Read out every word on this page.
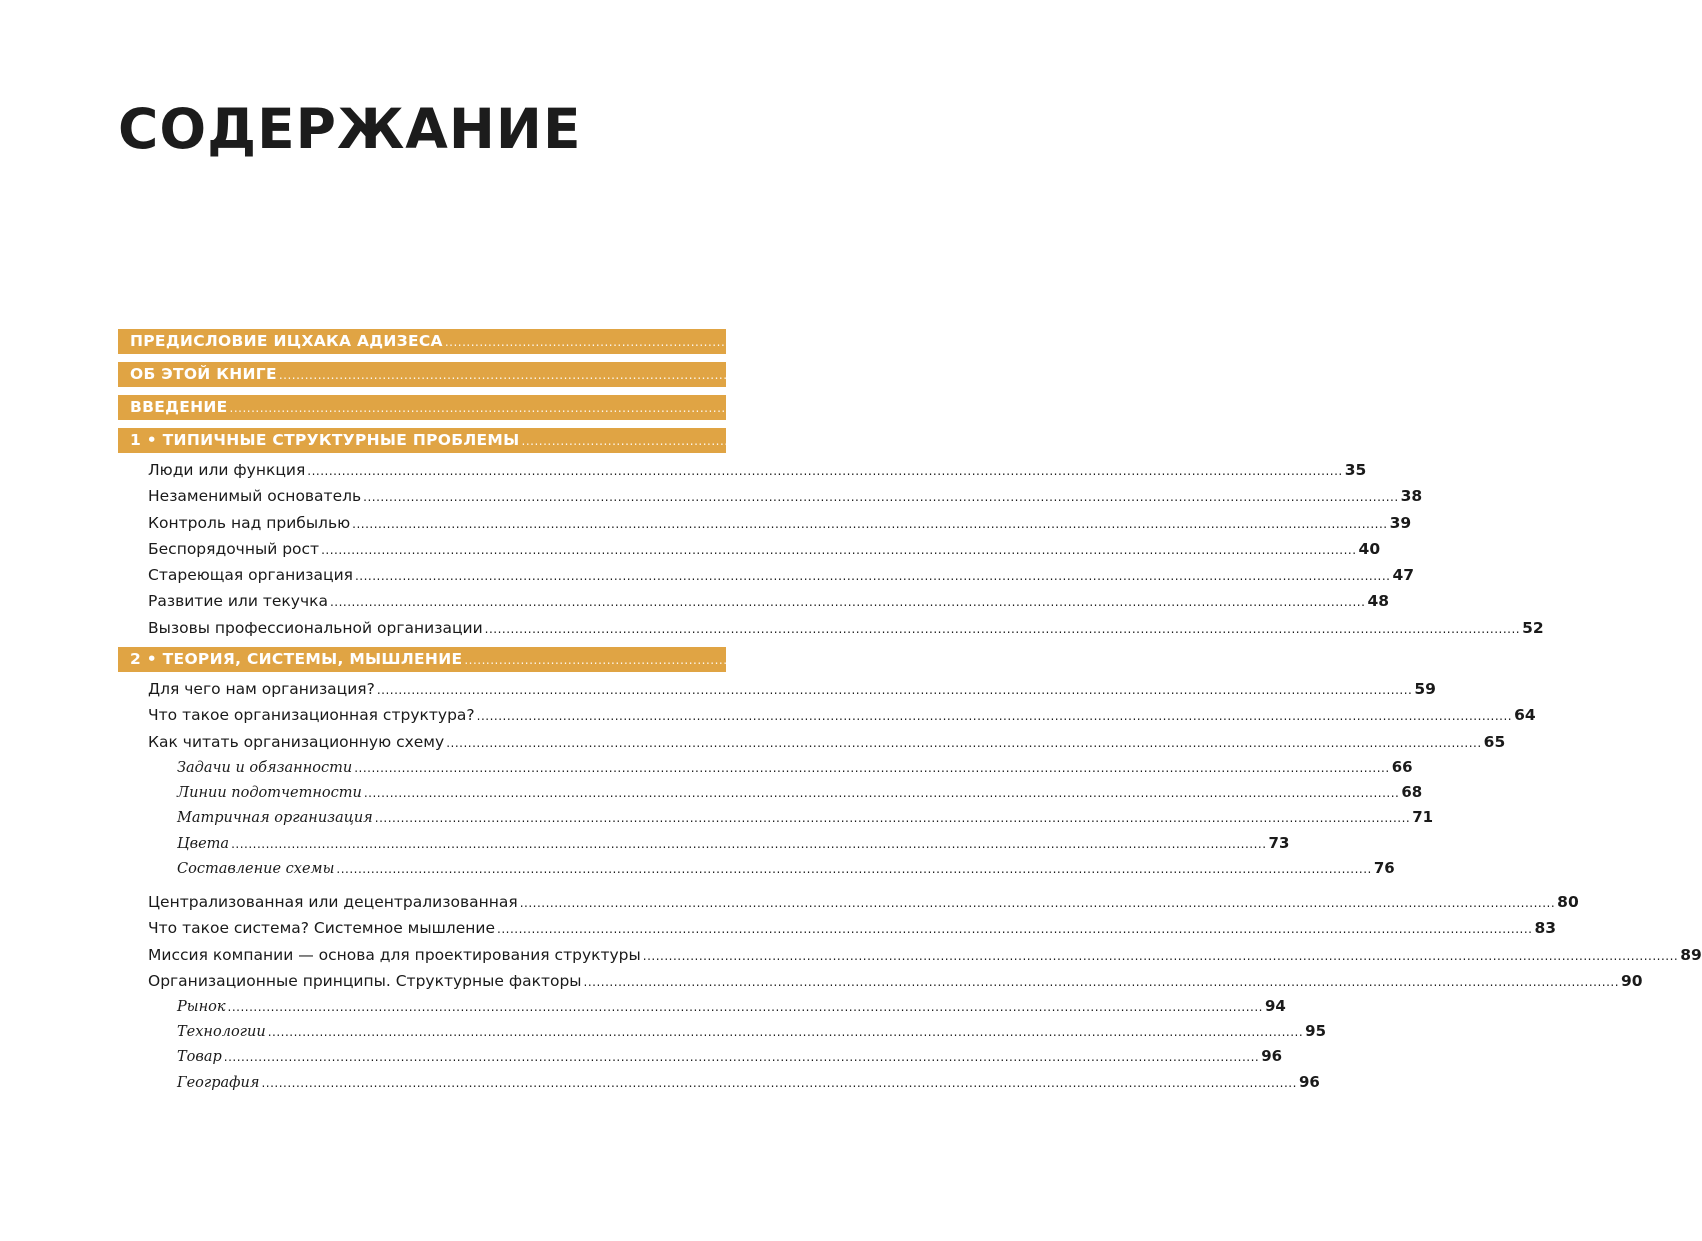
СОДЕРЖАНИЕ
ПРЕДИСЛОВИЕ ИЦХАКА АДИЗЕСА ................................................................................................................................................................................................................................................ 9
ОБ ЭТОЙ КНИГЕ ................................................................................................................................................................................................................................................ 12
ВВЕДЕНИЕ ................................................................................................................................................................................................................................................ 26
1 • ТИПИЧНЫЕ СТРУКТУРНЫЕ ПРОБЛЕМЫ ................................................................................................................................................................................................................................................ 32
Люди или функция ................................................................................................................................................................................................................................................ 35
Незаменимый основатель ................................................................................................................................................................................................................................................ 38
Контроль над прибылью ................................................................................................................................................................................................................................................ 39
Беспорядочный рост ................................................................................................................................................................................................................................................ 40
Стареющая организация ................................................................................................................................................................................................................................................ 47
Развитие или текучка ................................................................................................................................................................................................................................................ 48
Вызовы профессиональной организации ................................................................................................................................................................................................................................................ 52
2 • ТЕОРИЯ, СИСТЕМЫ, МЫШЛЕНИЕ ................................................................................................................................................................................................................................................ 58
Для чего нам организация? ................................................................................................................................................................................................................................................ 59
Что такое организационная структура? ................................................................................................................................................................................................................................................ 64
Как читать организационную схему ................................................................................................................................................................................................................................................ 65
Задачи и обязанности ................................................................................................................................................................................................................................................ 66
Линии подотчетности ................................................................................................................................................................................................................................................ 68
Матричная организация ................................................................................................................................................................................................................................................ 71
Цвета ................................................................................................................................................................................................................................................ 73
Составление схемы ................................................................................................................................................................................................................................................ 76
Централизованная или децентрализованная ................................................................................................................................................................................................................................................ 80
Что такое система? Системное мышление ................................................................................................................................................................................................................................................ 83
Миссия компании — основа для проектирования структуры ................................................................................................................................................................................................................................................ 89
Организационные принципы. Структурные факторы ................................................................................................................................................................................................................................................ 90
Рынок ................................................................................................................................................................................................................................................ 94
Технологии ................................................................................................................................................................................................................................................ 95
Товар ................................................................................................................................................................................................................................................ 96
География ................................................................................................................................................................................................................................................ 96
